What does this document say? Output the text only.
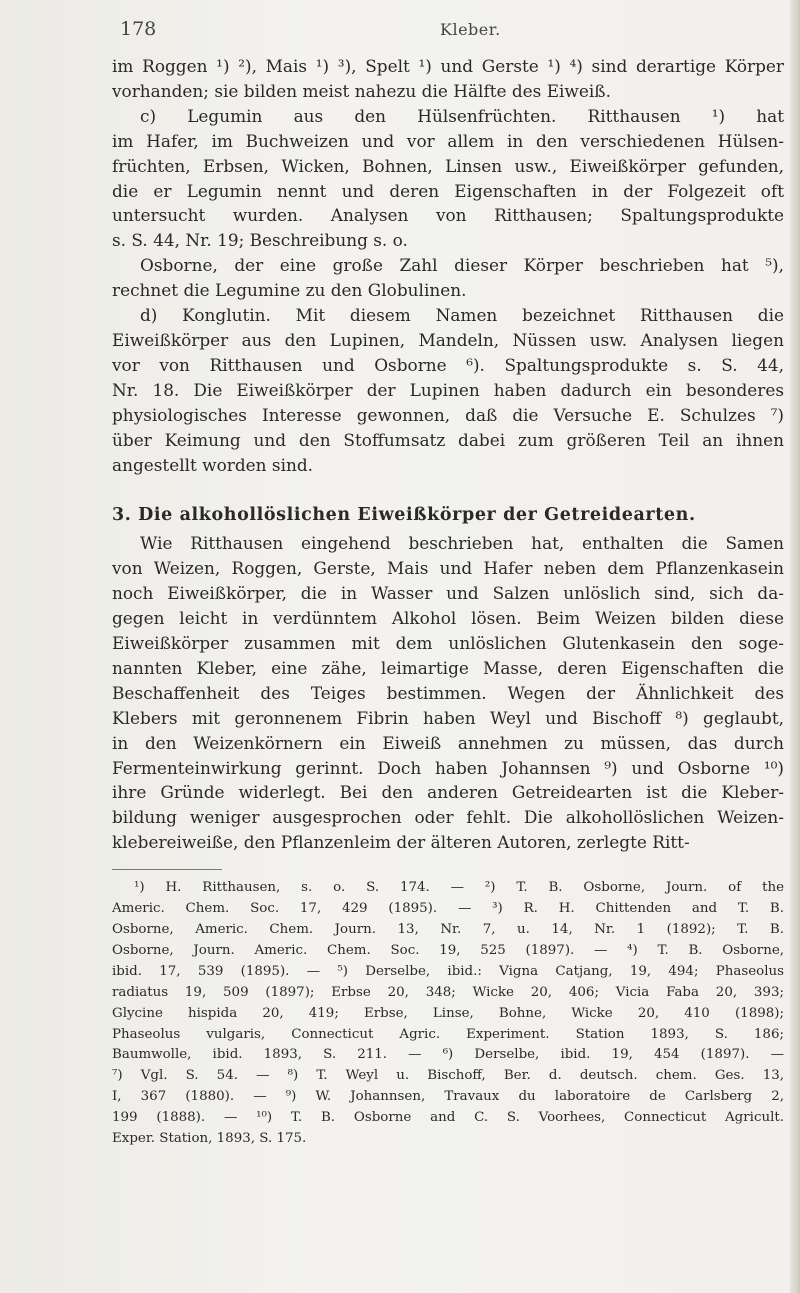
178	Kleber.

im Roggen ¹) ²), Mais ¹) ³), Spelt ¹) und Gerste ¹) ⁴) sind derartige Körper
vorhanden; sie bilden meist nahezu die Hälfte des Eiweiß.

c) Legumin aus den Hülsenfrüchten. Ritthausen ¹) hat
im Hafer, im Buchweizen und vor allem in den verschiedenen Hülsen-
früchten, Erbsen, Wicken, Bohnen, Linsen usw., Eiweißkörper gefunden,
die er Legumin nennt und deren Eigenschaften in der Folgezeit oft
untersucht wurden. Analysen von Ritthausen; Spaltungsprodukte
s. S. 44, Nr. 19; Beschreibung s. o.

Osborne, der eine große Zahl dieser Körper beschrieben hat ⁵),
rechnet die Legumine zu den Globulinen.

d) Konglutin. Mit diesem Namen bezeichnet Ritthausen die
Eiweißkörper aus den Lupinen, Mandeln, Nüssen usw. Analysen liegen
vor von Ritthausen und Osborne ⁶). Spaltungsprodukte s. S. 44,
Nr. 18. Die Eiweißkörper der Lupinen haben dadurch ein besonderes
physiologisches Interesse gewonnen, daß die Versuche E. Schulzes ⁷)
über Keimung und den Stoffumsatz dabei zum größeren Teil an ihnen
angestellt worden sind.

3. Die alkohollöslichen Eiweißkörper der Getreidearten.

Wie Ritthausen eingehend beschrieben hat, enthalten die Samen
von Weizen, Roggen, Gerste, Mais und Hafer neben dem Pflanzenkasein
noch Eiweißkörper, die in Wasser und Salzen unlöslich sind, sich da-
gegen leicht in verdünntem Alkohol lösen. Beim Weizen bilden diese
Eiweißkörper zusammen mit dem unlöslichen Glutenkasein den soge-
nannten Kleber, eine zähe, leimartige Masse, deren Eigenschaften die
Beschaffenheit des Teiges bestimmen. Wegen der Ähnlichkeit des
Klebers mit geronnenem Fibrin haben Weyl und Bischoff ⁸) geglaubt,
in den Weizenkörnern ein Eiweiß annehmen zu müssen, das durch
Fermenteinwirkung gerinnt. Doch haben Johannsen ⁹) und Osborne ¹⁰)
ihre Gründe widerlegt. Bei den anderen Getreidearten ist die Kleber-
bildung weniger ausgesprochen oder fehlt. Die alkohollöslichen Weizen-
klebereiweiße, den Pflanzenleim der älteren Autoren, zerlegte Ritt-

¹) H. Ritthausen, s. o. S. 174. — ²) T. B. Osborne, Journ. of the
Americ. Chem. Soc. 17, 429 (1895). — ³) R. H. Chittenden and T. B.
Osborne, Americ. Chem. Journ. 13, Nr. 7, u. 14, Nr. 1 (1892); T. B.
Osborne, Journ. Americ. Chem. Soc. 19, 525 (1897). — ⁴) T. B. Osborne,
ibid. 17, 539 (1895). — ⁵) Derselbe, ibid.: Vigna Catjang, 19, 494; Phaseolus
radiatus 19, 509 (1897); Erbse 20, 348; Wicke 20, 406; Vicia Faba 20, 393;
Glycine hispida 20, 419; Erbse, Linse, Bohne, Wicke 20, 410 (1898);
Phaseolus vulgaris, Connecticut Agric. Experiment. Station 1893, S. 186;
Baumwolle, ibid. 1893, S. 211. — ⁶) Derselbe, ibid. 19, 454 (1897). —
⁷) Vgl. S. 54. — ⁸) T. Weyl u. Bischoff, Ber. d. deutsch. chem. Ges. 13,
I, 367 (1880). — ⁹) W. Johannsen, Travaux du laboratoire de Carlsberg 2,
199 (1888). — ¹⁰) T. B. Osborne and C. S. Voorhees, Connecticut Agricult.
Exper. Station, 1893, S. 175.
